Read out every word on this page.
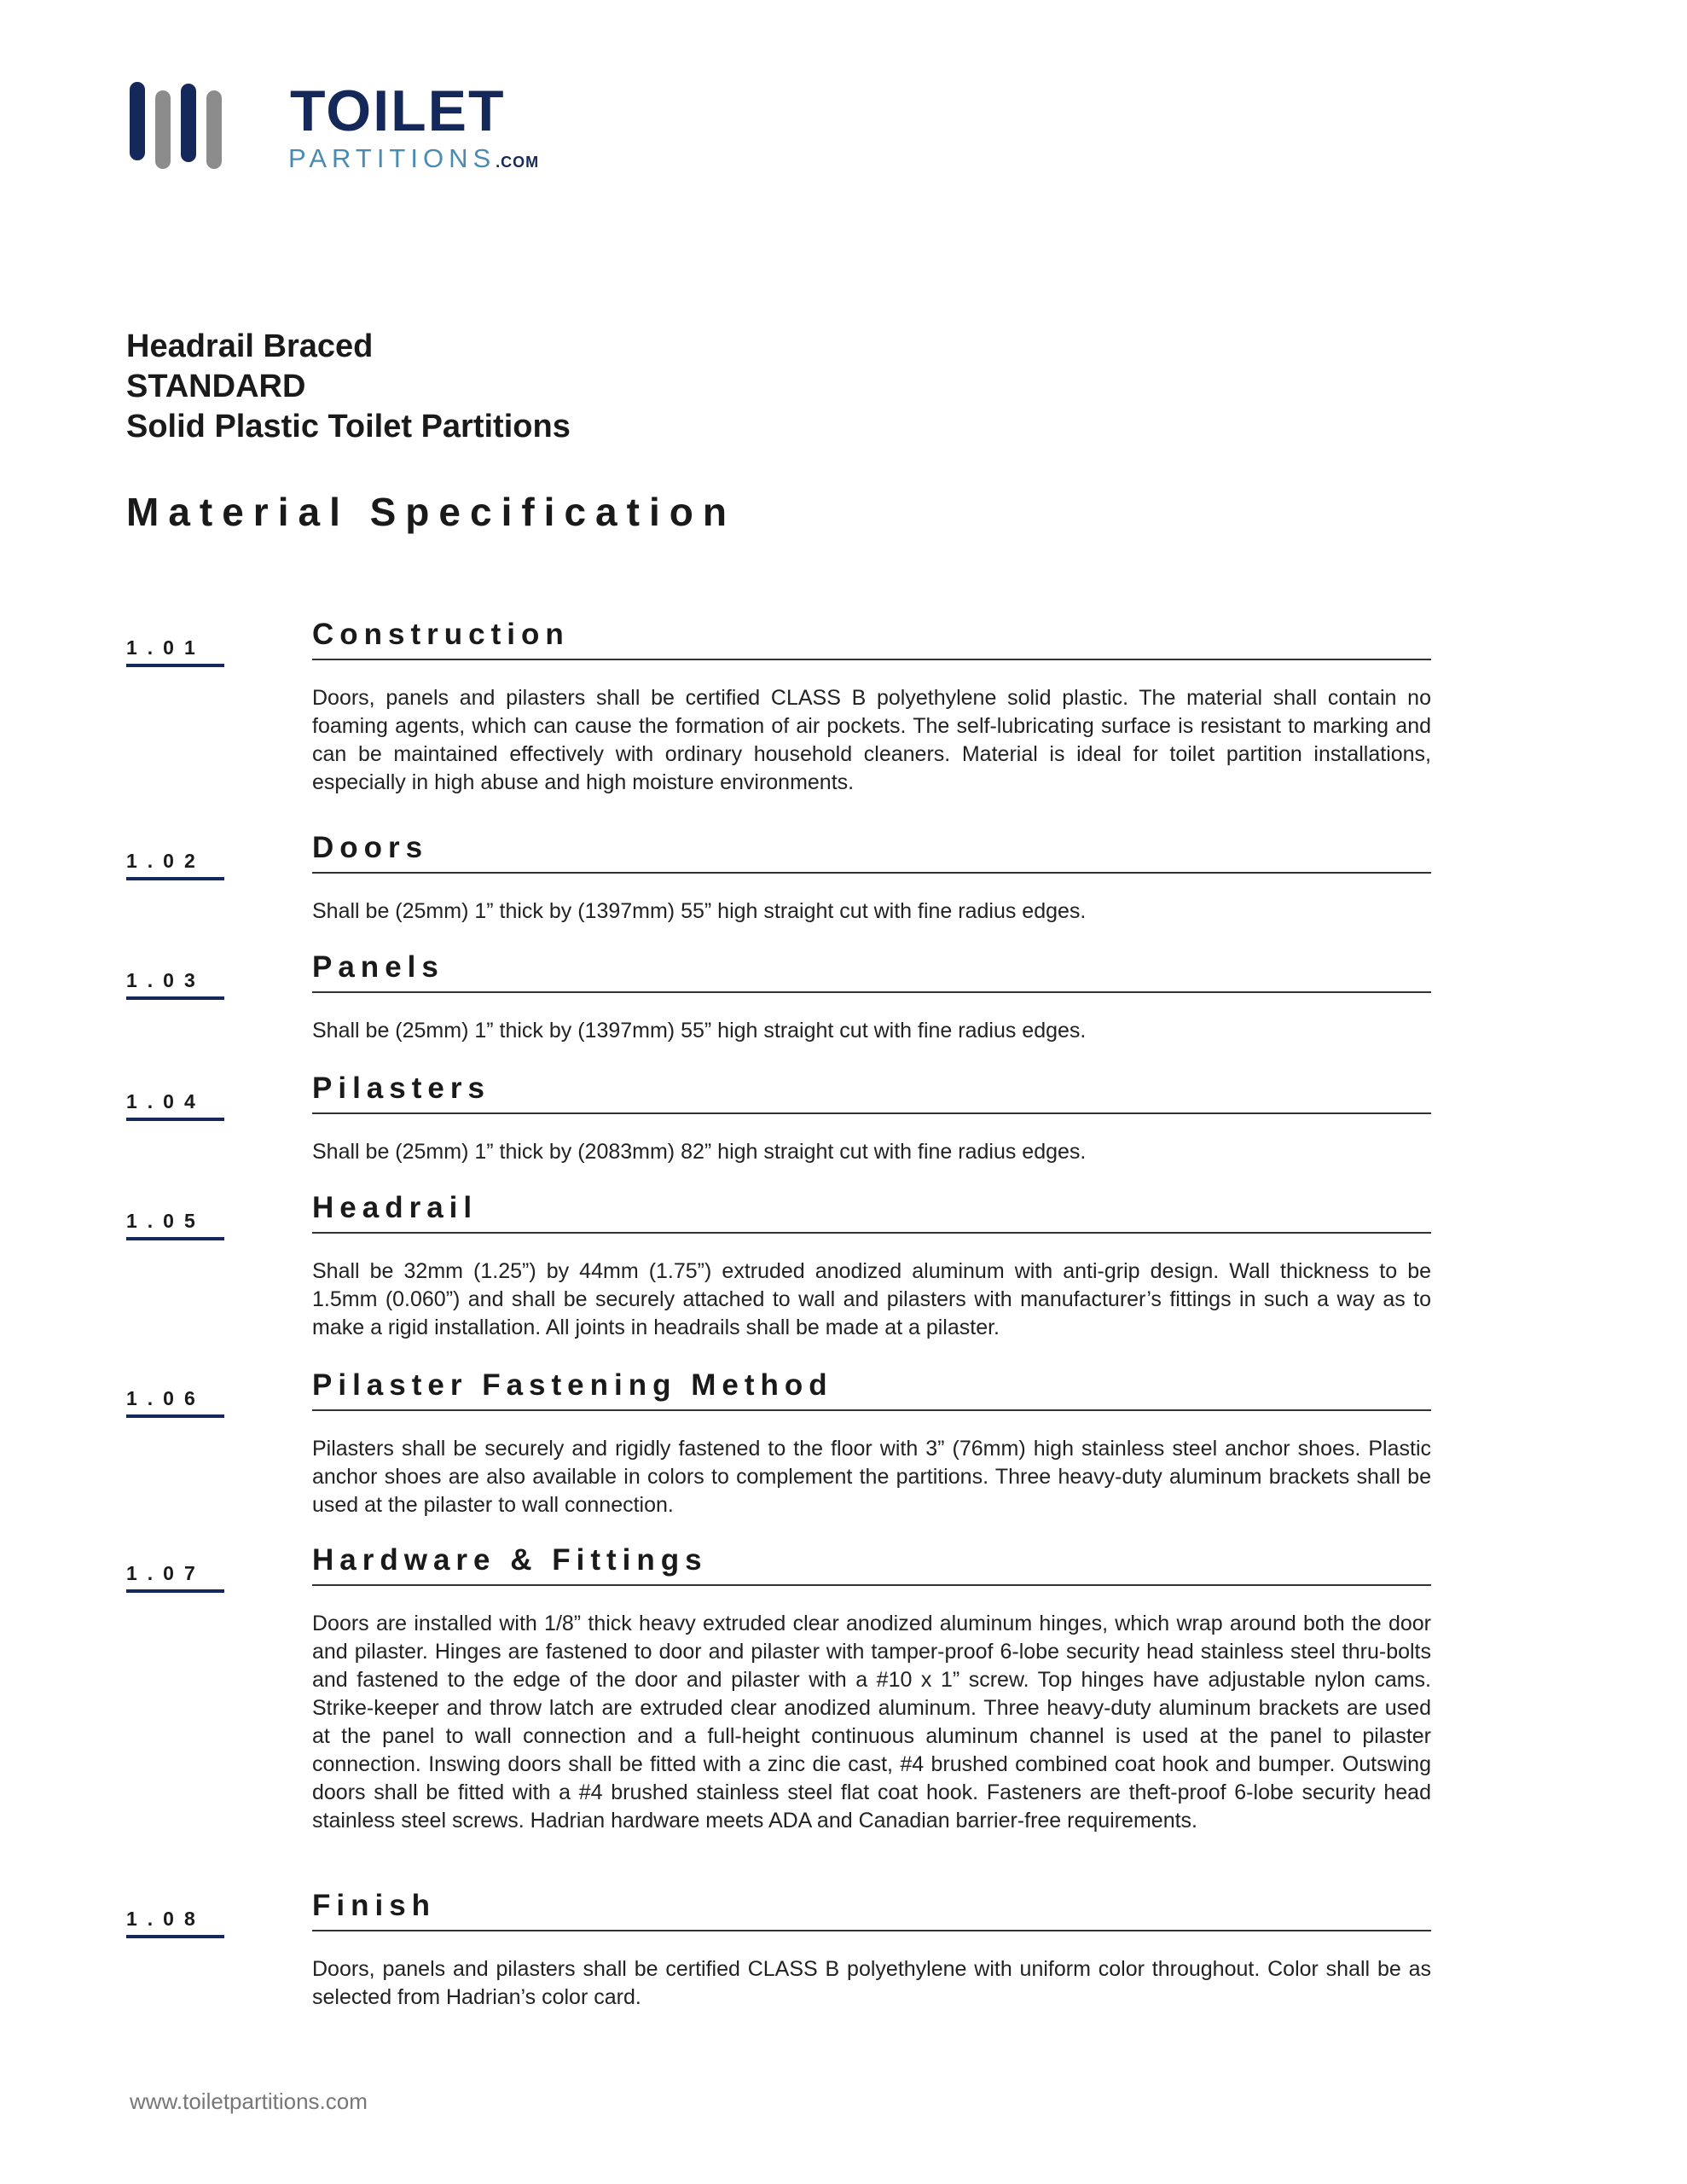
TOILET
PARTITIONS.COM
Headrail Braced
STANDARD
Solid Plastic Toilet Partitions
Material Specification
1.01	Construction
Doors, panels and pilasters shall be certified CLASS B polyethylene solid plastic. The material shall contain no foaming agents, which can cause the formation of air pockets. The self-lubricating surface is resistant to marking and can be maintained effectively with ordinary household cleaners. Material is ideal for toilet partition installations, especially in high abuse and high moisture environments.
1.02	Doors
Shall be (25mm) 1” thick by (1397mm) 55” high straight cut with fine radius edges.
1.03	Panels
Shall be (25mm) 1” thick by (1397mm) 55” high straight cut with fine radius edges.
1.04	Pilasters
Shall be (25mm) 1” thick by (2083mm) 82” high straight cut with fine radius edges.
1.05	Headrail
Shall be 32mm (1.25”) by 44mm (1.75”) extruded anodized aluminum with anti-grip design. Wall thickness to be 1.5mm (0.060”) and shall be securely attached to wall and pilasters with manufacturer’s fittings in such a way as to make a rigid installation. All joints in headrails shall be made at a pilaster.
1.06	Pilaster Fastening Method
Pilasters shall be securely and rigidly fastened to the floor with 3” (76mm) high stainless steel anchor shoes. Plastic anchor shoes are also available in colors to complement the partitions. Three heavy-duty aluminum brackets shall be used at the pilaster to wall connection.
1.07	Hardware & Fittings
Doors are installed with 1/8” thick heavy extruded clear anodized aluminum hinges, which wrap around both the door and pilaster. Hinges are fastened to door and pilaster with tamper-proof 6-lobe security head stainless steel thru-bolts and fastened to the edge of the door and pilaster with a #10 x 1” screw. Top hinges have adjustable nylon cams. Strike-keeper and throw latch are extruded clear anodized aluminum. Three heavy-duty aluminum brackets are used at the panel to wall connection and a full-height continuous aluminum channel is used at the panel to pilaster connection. Inswing doors shall be fitted with a zinc die cast, #4 brushed combined coat hook and bumper. Outswing doors shall be fitted with a #4 brushed stainless steel flat coat hook. Fasteners are theft-proof 6-lobe security head stainless steel screws. Hadrian hardware meets ADA and Canadian barrier-free requirements.
1.08	Finish
Doors, panels and pilasters shall be certified CLASS B polyethylene with uniform color throughout. Color shall be as selected from Hadrian’s color card.
www.toiletpartitions.com
